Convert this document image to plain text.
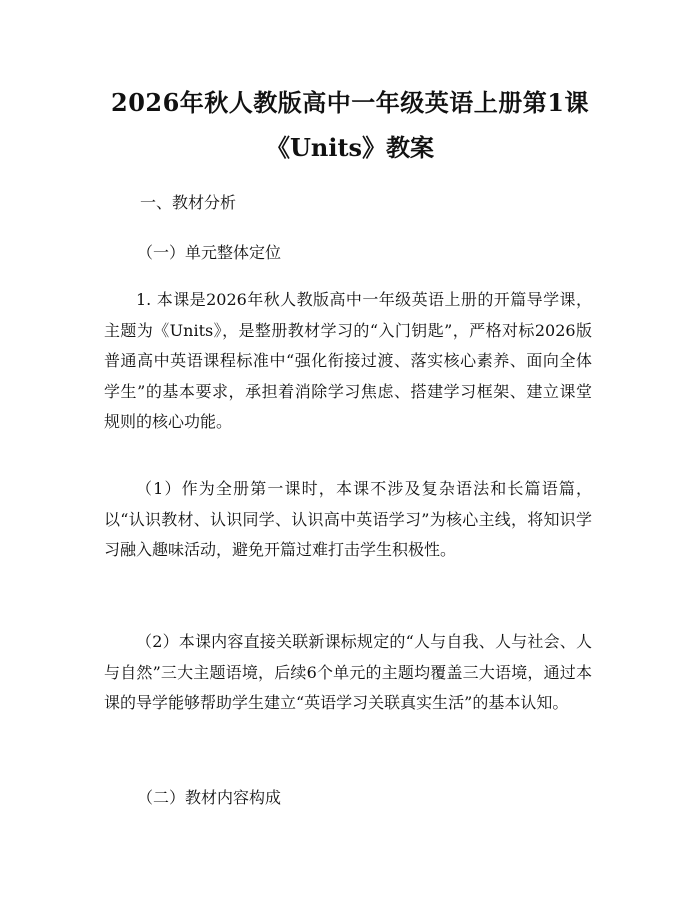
2026年秋人教版高中一年级英语上册第1课
《Units》教案
一、教材分析
（一）单元整体定位
1. 本课是2026年秋人教版高中一年级英语上册的开篇导学课，主题为《Units》，是整册教材学习的“入门钥匙”，严格对标2026版普通高中英语课程标准中“强化衔接过渡、落实核心素养、面向全体学生”的基本要求，承担着消除学习焦虑、搭建学习框架、建立课堂规则的核心功能。
（1）作为全册第一课时，本课不涉及复杂语法和长篇语篇，以“认识教材、认识同学、认识高中英语学习”为核心主线，将知识学习融入趣味活动，避免开篇过难打击学生积极性。
（2）本课内容直接关联新课标规定的“人与自我、人与社会、人与自然”三大主题语境，后续6个单元的主题均覆盖三大语境，通过本课的导学能够帮助学生建立“英语学习关联真实生活”的基本认知。
（二）教材内容构成
